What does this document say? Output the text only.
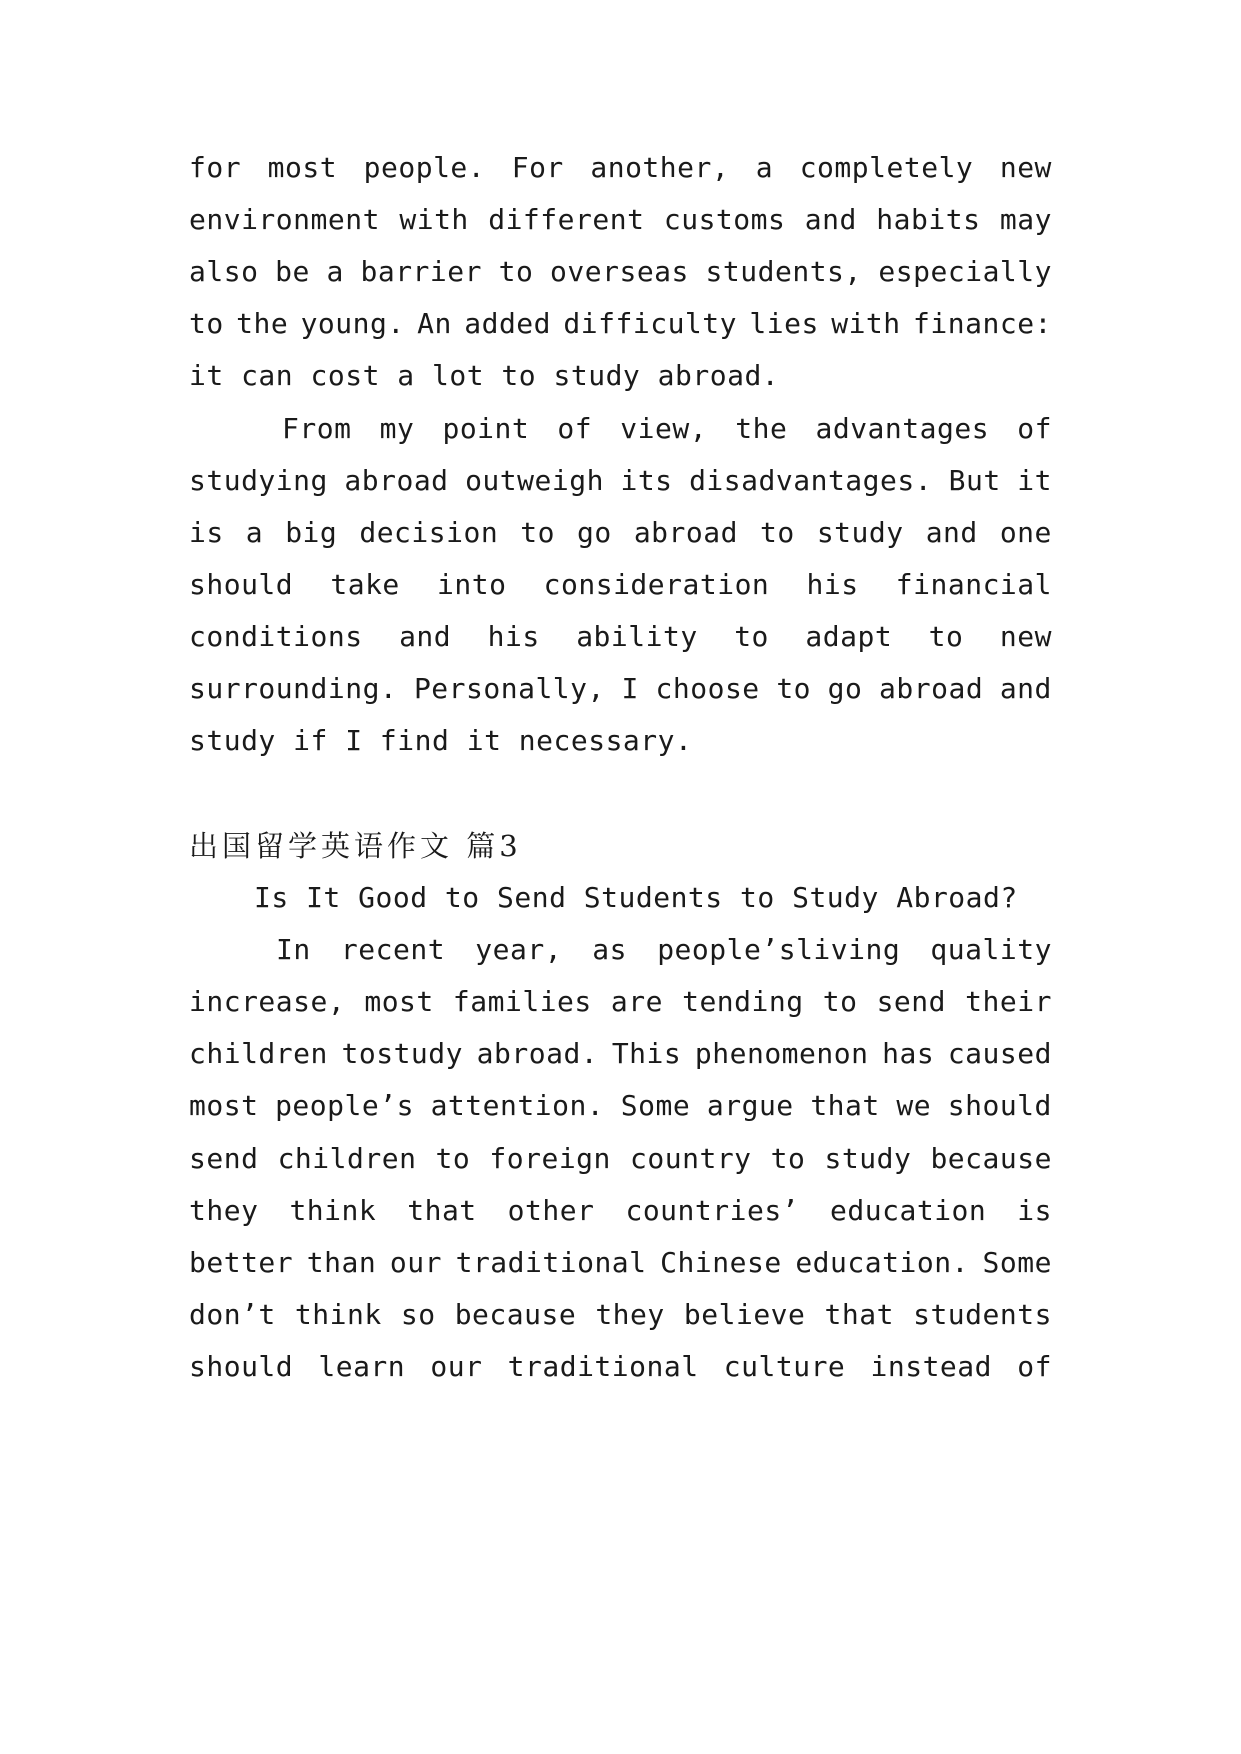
for most people. For another, a completely new
environment with different customs and habits may
also be a barrier to overseas students, especially
to the young. An added difficulty lies with finance:
it can cost a lot to study abroad.
From my point of view, the advantages of
studying abroad outweigh its disadvantages. But it
is a big decision to go abroad to study and one
should take into consideration his financial
conditions and his ability to adapt to new
surrounding. Personally, I choose to go abroad and
study if I find it necessary.
出国留学英语作文 篇3
Is It Good to Send Students to Study Abroad?
In recent year, as people’sliving quality
increase, most families are tending to send their
children tostudy abroad. This phenomenon has caused
most people’s attention. Some argue that we should
send children to foreign country to study because
they think that other countries’ education is
better than our traditional Chinese education. Some
don’t think so because they believe that students
should learn our traditional culture instead of
